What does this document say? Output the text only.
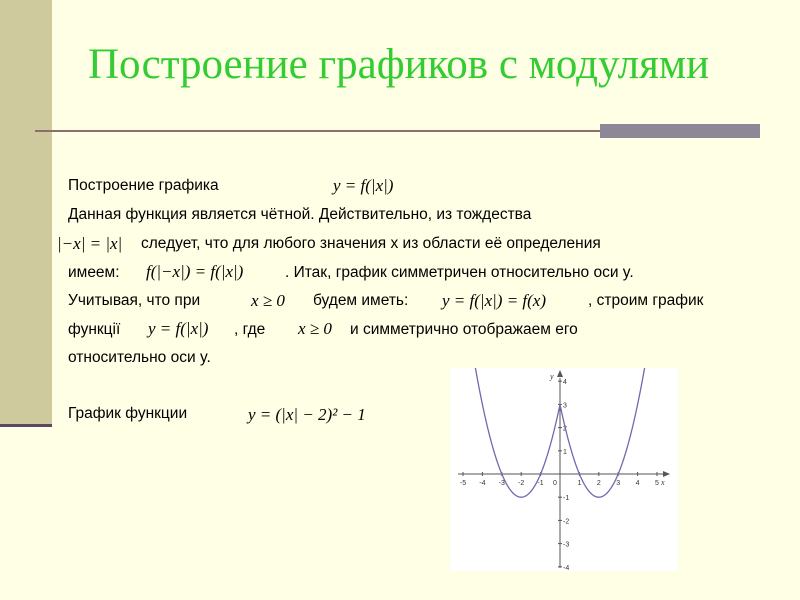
Построение графиков с модулями
Построение графика	y = f(|x|)
Данная функция является чётной. Действительно, из тождества
|−x| = |x| следует, что для любого значения x из области её определения
имеем: f(|−x|) = f(|x|)	. Итак, график симметричен относительно оси y.
Учитывая, что при	x ≥ 0 будем иметь: y = f(|x|) = f(x)	, строим график
функції y = f(|x|) , где x ≥ 0 и симметрично отображаем его
относительно оси y.
График функции	y = (|x| − 2)² − 1
x
y
-5 -4 -3 -2 -1 0	1 2 3 4 5
-4
-3
-2
-1
1
2
3
4
